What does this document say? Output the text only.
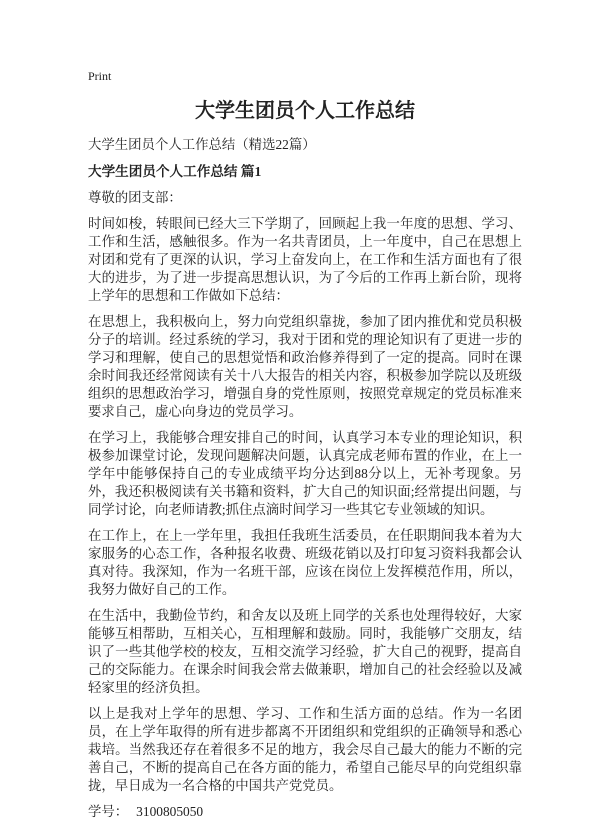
Print
大学生团员个人工作总结
大学生团员个人工作总结（精选22篇）
大学生团员个人工作总结 篇1

尊敬的团支部：

时间如梭，转眼间已经大三下学期了，回顾起上我一年度的思想、学习、工作和生活，感触很多。作为一名共青团员，上一年度中，自己在思想上对团和党有了更深的认识，学习上奋发向上，在工作和生活方面也有了很大的进步，为了进一步提高思想认识，为了今后的工作再上新台阶，现将上学年的思想和工作做如下总结：

在思想上，我积极向上，努力向党组织靠拢，参加了团内推优和党员积极分子的培训。经过系统的学习，我对于团和党的理论知识有了更进一步的学习和理解，使自己的思想觉悟和政治修养得到了一定的提高。同时在课余时间我还经常阅读有关十八大报告的相关内容，积极参加学院以及班级组织的思想政治学习，增强自身的党性原则，按照党章规定的党员标准来要求自己，虚心向身边的党员学习。

在学习上，我能够合理安排自己的时间，认真学习本专业的理论知识，积极参加课堂讨论，发现问题解决问题，认真完成老师布置的作业，在上一学年中能够保持自己的专业成绩平均分达到88分以上，无补考现象。另外，我还积极阅读有关书籍和资料，扩大自己的知识面;经常提出问题，与同学讨论，向老师请教;抓住点滴时间学习一些其它专业领域的知识。

在工作上，在上一学年里，我担任我班生活委员，在任职期间我本着为大家服务的心态工作，各种报名收费、班级花销以及打印复习资料我都会认真对待。我深知，作为一名班干部，应该在岗位上发挥模范作用，所以，我努力做好自己的工作。

在生活中，我勤俭节约，和舍友以及班上同学的关系也处理得较好，大家能够互相帮助，互相关心，互相理解和鼓励。同时，我能够广交朋友，结识了一些其他学校的校友，互相交流学习经验，扩大自己的视野，提高自己的交际能力。在课余时间我会常去做兼职，增加自己的社会经验以及减轻家里的经济负担。

以上是我对上学年的思想、学习、工作和生活方面的总结。作为一名团员，在上学年取得的所有进步都离不开团组织和党组织的正确领导和悉心栽培。当然我还存在着很多不足的地方，我会尽自己最大的能力不断的完善自己，不断的提高自己在各方面的能力，希望自己能尽早的向党组织靠拢，早日成为一名合格的中国共产党党员。

学号： 3100805050
